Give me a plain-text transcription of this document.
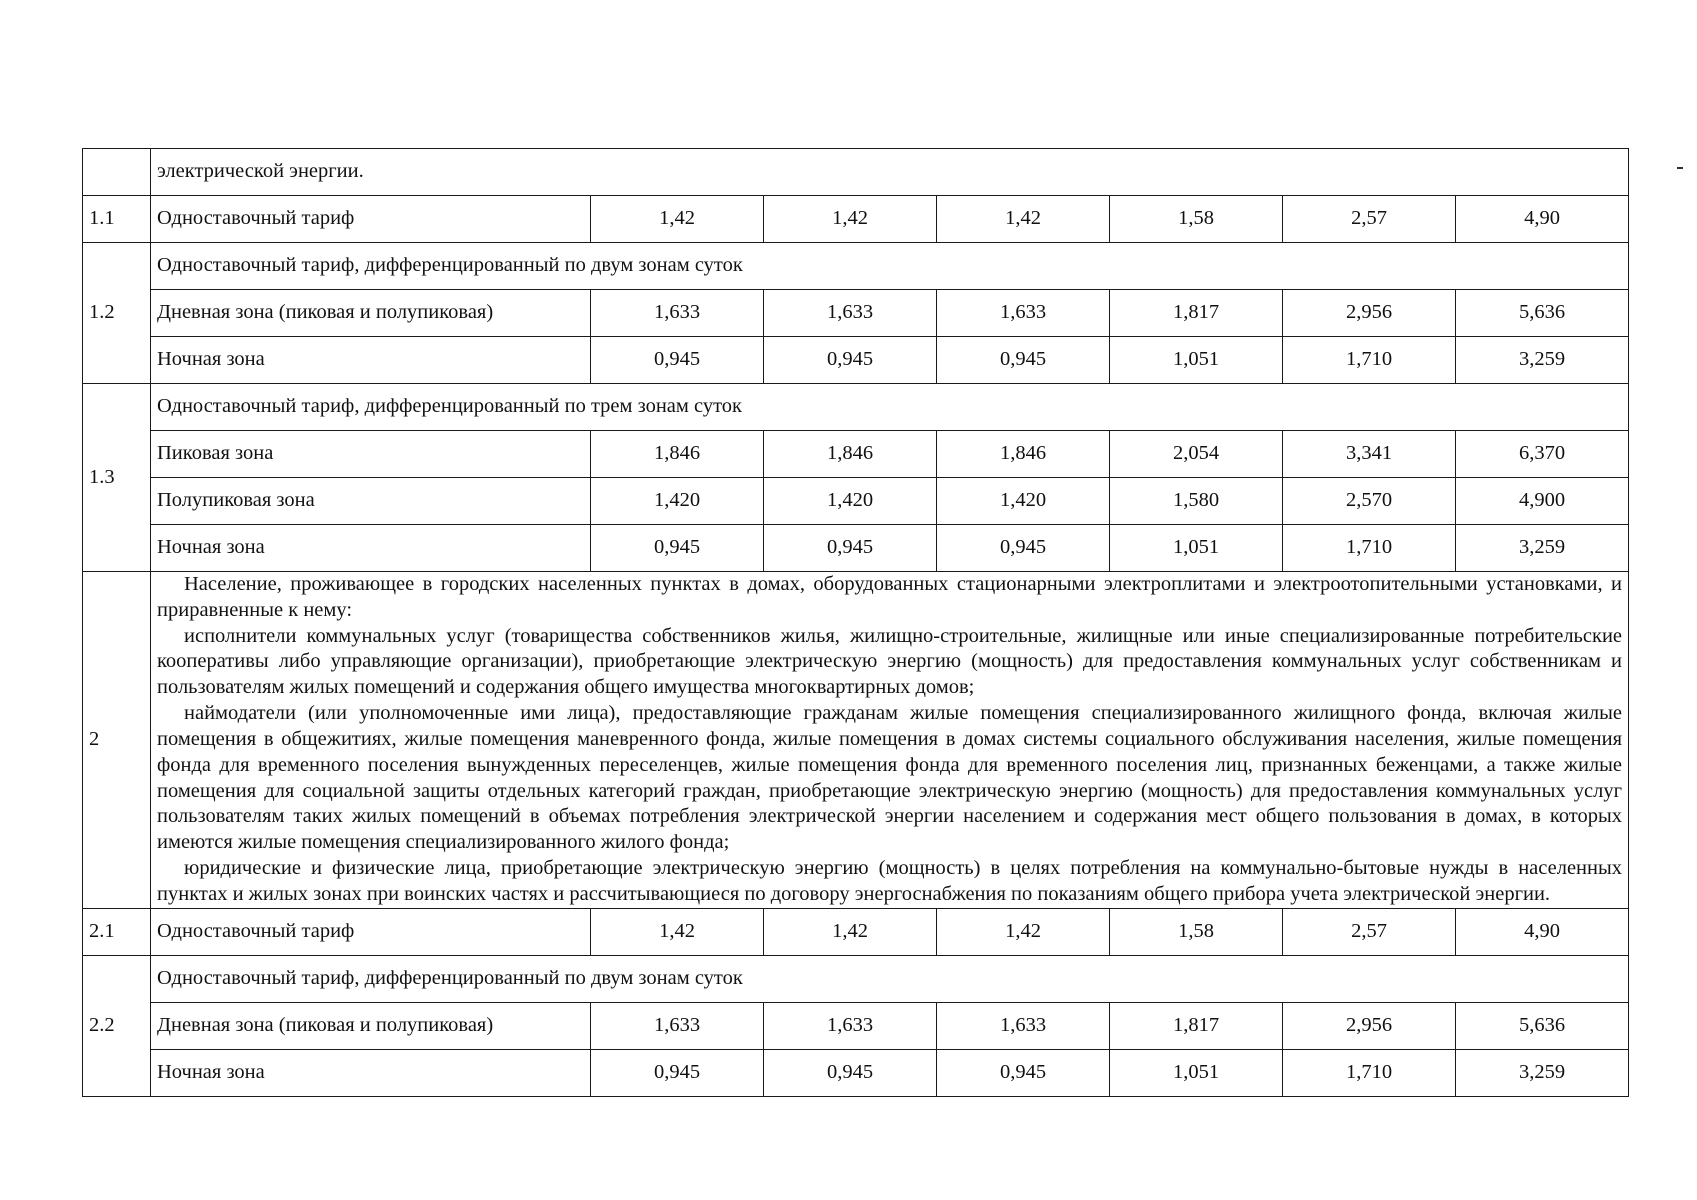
	электрической энергии.						
1.1	Одноставочный тариф	1,42	1,42	1,42	1,58	2,57	4,90
1.2	Одноставочный тариф, дифференцированный по двум зонам суток						
	Дневная зона (пиковая и полупиковая)	1,633	1,633	1,633	1,817	2,956	5,636
	Ночная зона	0,945	0,945	0,945	1,051	1,710	3,259
1.3	Одноставочный тариф, дифференцированный по трем зонам суток						
	Пиковая зона	1,846	1,846	1,846	2,054	3,341	6,370
	Полупиковая зона	1,420	1,420	1,420	1,580	2,570	4,900
	Ночная зона	0,945	0,945	0,945	1,051	1,710	3,259
2	Население, проживающее в городских населенных пунктах в домах, оборудованных стационарными электроплитами и электроотопительными установками, и приравненные к нему:

исполнители коммунальных услуг (товарищества собственников жилья, жилищно-строительные, жилищные или иные специализированные потребительские кооперативы либо управляющие организации), приобретающие электрическую энергию (мощность) для предоставления коммунальных услуг собственникам и пользователям жилых помещений и содержания общего имущества многоквартирных домов;

наймодатели (или уполномоченные ими лица), предоставляющие гражданам жилые помещения специализированного жилищного фонда, включая жилые помещения в общежитиях, жилые помещения маневренного фонда, жилые помещения в домах системы социального обслуживания населения, жилые помещения фонда для временного поселения вынужденных переселенцев, жилые помещения фонда для временного поселения лиц, признанных беженцами, а также жилые помещения для социальной защиты отдельных категорий граждан, приобретающие электрическую энергию (мощность) для предоставления коммунальных услуг пользователям таких жилых помещений в объемах потребления электрической энергии населением и содержания мест общего пользования в домах, в которых имеются жилые помещения специализированного жилого фонда;

юридические и физические лица, приобретающие электрическую энергию (мощность) в целях потребления на коммунально-бытовые нужды в населенных пунктах и жилых зонах при воинских частях и рассчитывающиеся по договору энергоснабжения по показаниям общего прибора учета электрической энергии.						

2.1	Одноставочный тариф	1,42	1,42	1,42	1,58	2,57	4,90
2.2	Одноставочный тариф, дифференцированный по двум зонам суток						
	Дневная зона (пиковая и полупиковая)	1,633	1,633	1,633	1,817	2,956	5,636
	Ночная зона	0,945	0,945	0,945	1,051	1,710	3,259
